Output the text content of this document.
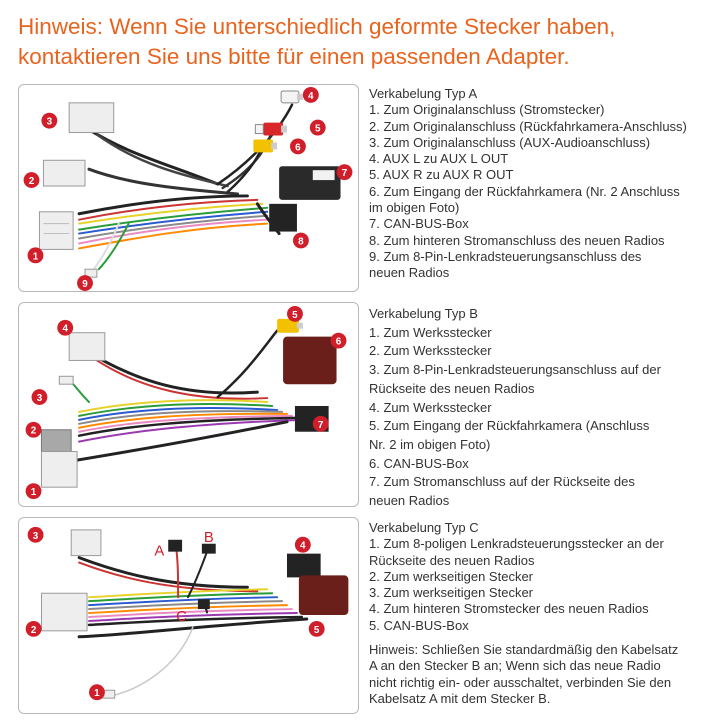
Hinweis: Wenn Sie unterschiedlich geformte Stecker haben,
kontaktieren Sie uns bitte für einen passenden Adapter.
3
2
1
4
5
6
7
8
9
Verkabelung Typ A
1. Zum Originalanschluss (Stromstecker)
2. Zum Originalanschluss (Rückfahrkamera-Anschluss)
3. Zum Originalanschluss (AUX-Audioanschluss)
4. AUX L zu AUX L OUT
5. AUX R zu AUX R OUT
6. Zum Eingang der Rückfahrkamera (Nr. 2 Anschluss
im obigen Foto)
7. CAN-BUS-Box
8. Zum hinteren Stromanschluss des neuen Radios
9. Zum 8-Pin-Lenkradsteuerungsanschluss des
neuen Radios
4
5
6
3
2
7
1
Verkabelung Typ B
1. Zum Werksstecker
2. Zum Werksstecker
3. Zum 8-Pin-Lenkradsteuerungsanschluss auf der
Rückseite des neuen Radios
4. Zum Werksstecker
5. Zum Eingang der Rückfahrkamera (Anschluss
Nr. 2 im obigen Foto)
6. CAN-BUS-Box
7. Zum Stromanschluss auf der Rückseite des
neuen Radios
A
B
C
3
2
4
5
1
Verkabelung Typ C
1. Zum 8-poligen Lenkradsteuerungsstecker an der
Rückseite des neuen Radios
2. Zum werkseitigen Stecker
3. Zum werkseitigen Stecker
4. Zum hinteren Stromstecker des neuen Radios
5. CAN-BUS-Box
Hinweis: Schließen Sie standardmäßig den Kabelsatz
A an den Stecker B an; Wenn sich das neue Radio
nicht richtig ein- oder ausschaltet, verbinden Sie den
Kabelsatz A mit dem Stecker B.
